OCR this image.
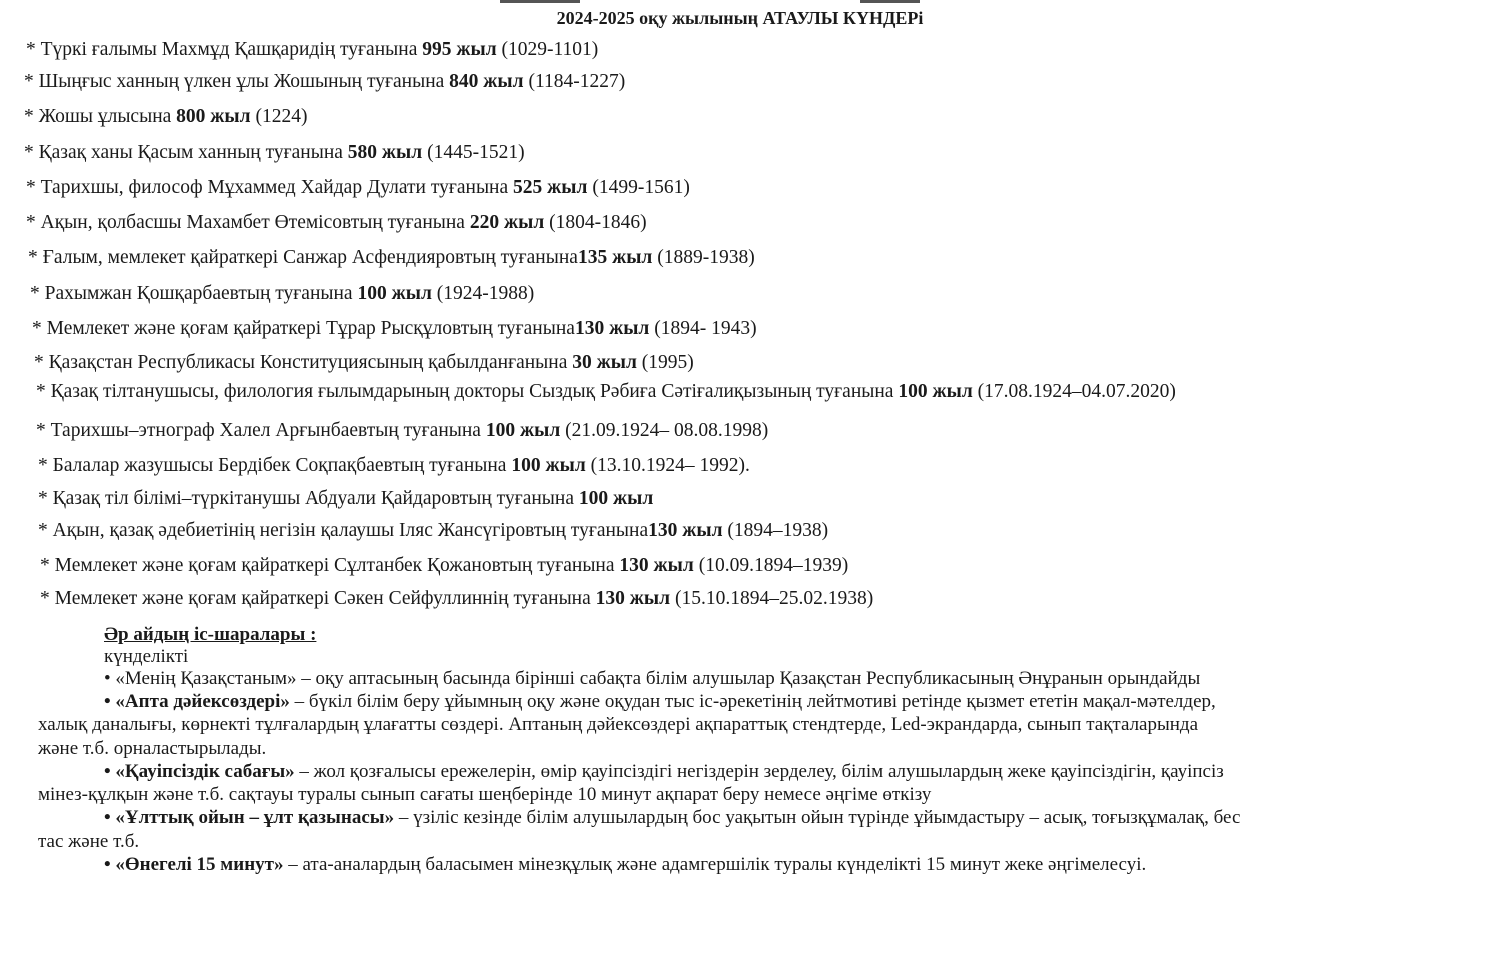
2024-2025 оқу жылының АТАУЛЫ КҮНДЕРі
* Түркі ғалымы Махмұд Қашқаридің туғанына 995 жыл (1029-1101)
* Шыңғыс ханның үлкен ұлы Жошының туғанына 840 жыл (1184-1227)
* Жошы ұлысына 800 жыл (1224)
* Қазақ ханы Қасым ханның туғанына 580 жыл (1445-1521)
* Тарихшы, философ Мұхаммед Хайдар Дулати туғанына 525 жыл (1499-1561)
* Ақын, қолбасшы Махамбет Өтемісовтың туғанына 220 жыл (1804-1846)
* Ғалым, мемлекет қайраткері Санжар Асфендияровтың туғанына135 жыл (1889-1938)
* Рахымжан Қошқарбаевтың туғанына 100 жыл (1924-1988)
* Мемлекет және қоғам қайраткері Тұрар Рысқұловтың туғанына130 жыл (1894- 1943)
* Қазақстан Республикасы Конституциясының қабылданғанына 30 жыл (1995)
* Қазақ тілтанушысы, филология ғылымдарының докторы Сыздық Рәбиға Сәтіғалиқызының туғанына 100 жыл (17.08.1924–04.07.2020)
* Тарихшы–этнограф Халел Арғынбаевтың туғанына 100 жыл (21.09.1924– 08.08.1998)
* Балалар жазушысы Бердібек Соқпақбаевтың туғанына 100 жыл (13.10.1924– 1992).
* Қазақ тіл білімі–түркітанушы Абдуали Қайдаровтың туғанына 100 жыл
* Ақын, қазақ әдебиетінің негізін қалаушы Іляс Жансүгіровтың туғанына130 жыл (1894–1938)
* Мемлекет және қоғам қайраткері Сұлтанбек Қожановтың туғанына 130 жыл (10.09.1894–1939)
* Мемлекет және қоғам қайраткері Сәкен Сейфуллиннің туғанына 130 жыл (15.10.1894–25.02.1938)
Әр айдың іс-шаралары :
күнделікті
• «Менің Қазақстаным» – оқу аптасының басында бірінші сабақта білім алушылар Қазақстан Республикасының Әнұранын орындайды
• «Апта дәйексөздері» – бүкіл білім беру ұйымның оқу және оқудан тыс іс-әрекетінің лейтмотиві ретінде қызмет ететін мақал-мәтелдер,
халық даналығы, көрнекті тұлғалардың ұлағатты сөздері. Аптаның дәйексөздері ақпараттық стендтерде, Led-экрандарда, сынып тақталарында
және т.б. орналастырылады.
• «Қауіпсіздік сабағы» – жол қозғалысы ережелерін, өмір қауіпсіздігі негіздерін зерделеу, білім алушылардың жеке қауіпсіздігін, қауіпсіз
мінез-құлқын және т.б. сақтауы туралы сынып сағаты шеңберінде 10 минут ақпарат беру немесе әңгіме өткізу
• «Ұлттық ойын – ұлт қазынасы» – үзіліс кезінде білім алушылардың бос уақытын ойын түрінде ұйымдастыру – асық, тоғызқұмалақ, бес
тас және т.б.
• «Өнегелі 15 минут» – ата-аналардың баласымен мінезқұлық және адамгершілік туралы күнделікті 15 минут жеке әңгімелесуі.
